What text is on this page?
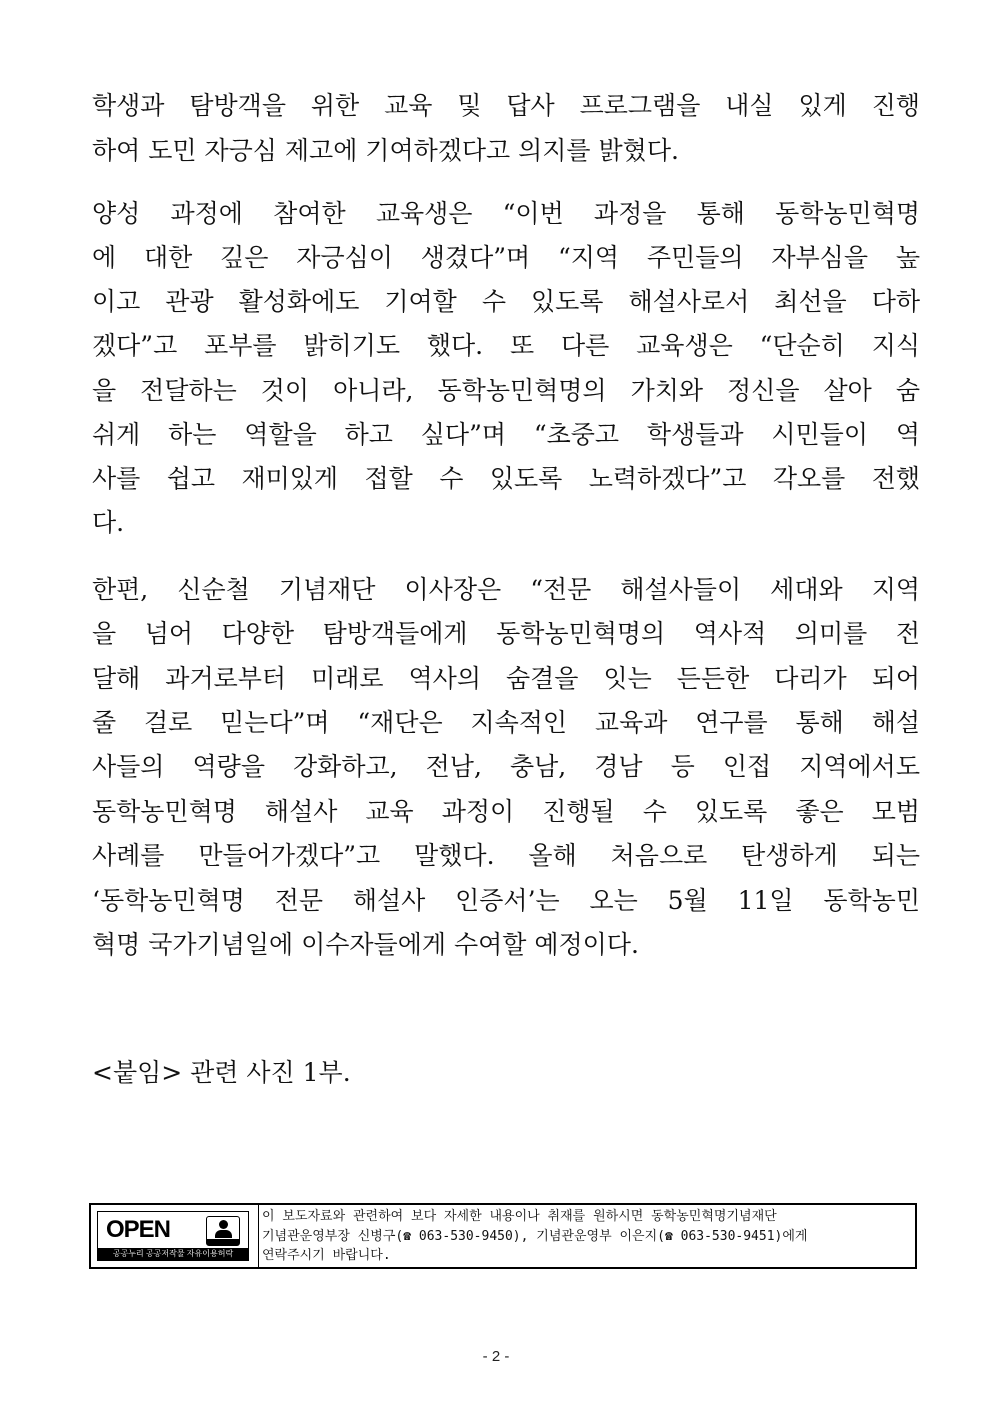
학생과 탐방객을 위한 교육 및 답사 프로그램을 내실 있게 진행
하여 도민 자긍심 제고에 기여하겠다고 의지를 밝혔다.
양성 과정에 참여한 교육생은 “이번 과정을 통해 동학농민혁명
에 대한 깊은 자긍심이 생겼다”며 “지역 주민들의 자부심을 높
이고 관광 활성화에도 기여할 수 있도록 해설사로서 최선을 다하
겠다”고 포부를 밝히기도 했다. 또 다른 교육생은 “단순히 지식
을 전달하는 것이 아니라, 동학농민혁명의 가치와 정신을 살아 숨
쉬게 하는 역할을 하고 싶다”며 “초중고 학생들과 시민들이 역
사를 쉽고 재미있게 접할 수 있도록 노력하겠다”고 각오를 전했
다.
한편, 신순철 기념재단 이사장은 “전문 해설사들이 세대와 지역
을 넘어 다양한 탐방객들에게 동학농민혁명의 역사적 의미를 전
달해 과거로부터 미래로 역사의 숨결을 잇는 든든한 다리가 되어
줄 걸로 믿는다”며 “재단은 지속적인 교육과 연구를 통해 해설
사들의 역량을 강화하고, 전남, 충남, 경남 등 인접 지역에서도
동학농민혁명 해설사 교육 과정이 진행될 수 있도록 좋은 모범
사례를 만들어가겠다”고 말했다. 올해 처음으로 탄생하게 되는
‘동학농민혁명 전문 해설사 인증서’는 오는 5월 11일 동학농민
혁명 국가기념일에 이수자들에게 수여할 예정이다.
<붙임> 관련 사진 1부.
OPEN
공공누리 공공저작물 자유이용허락
이 보도자료와 관련하여 보다 자세한 내용이나 취재를 원하시면 동학농민혁명기념재단
기념관운영부장 신병구(☎ 063-530-9450), 기념관운영부 이은지(☎ 063-530-9451)에게
연락주시기 바랍니다.
- 2 -
